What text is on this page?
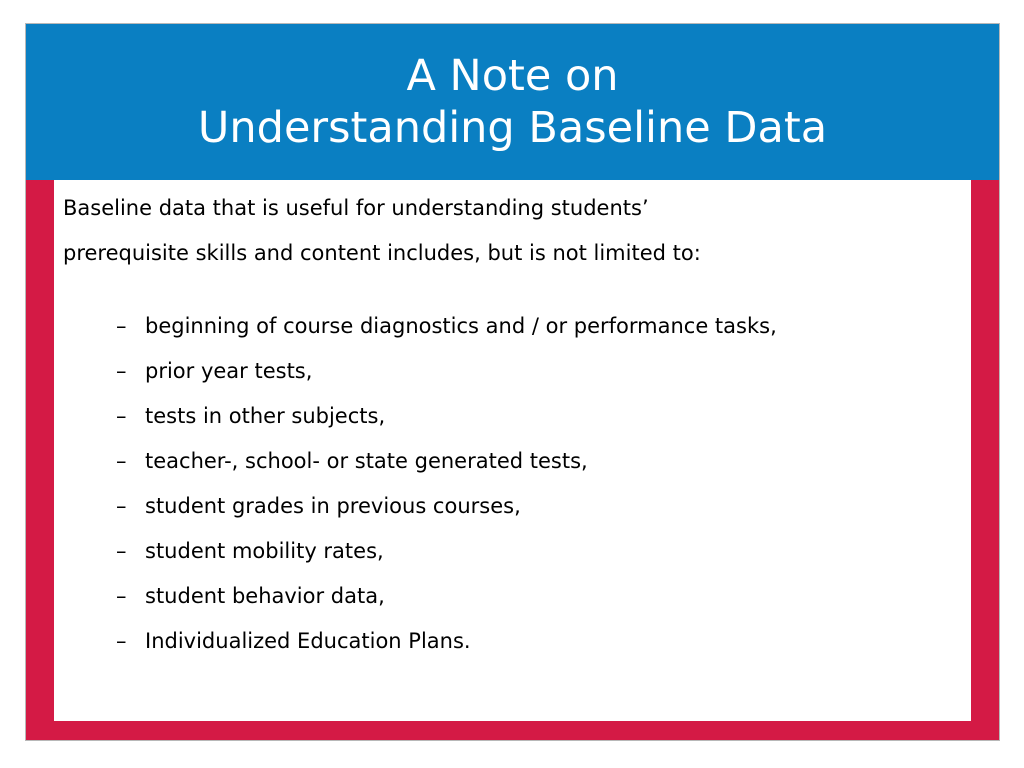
A Note on
Understanding Baseline Data

Baseline data that is useful for understanding students’
prerequisite skills and content includes, but is not limited to:

– beginning of course diagnostics and / or performance tasks,
– prior year tests,
– tests in other subjects,
– teacher-, school- or state generated tests,
– student grades in previous courses,
– student mobility rates,
– student behavior data,
– Individualized Education Plans.
